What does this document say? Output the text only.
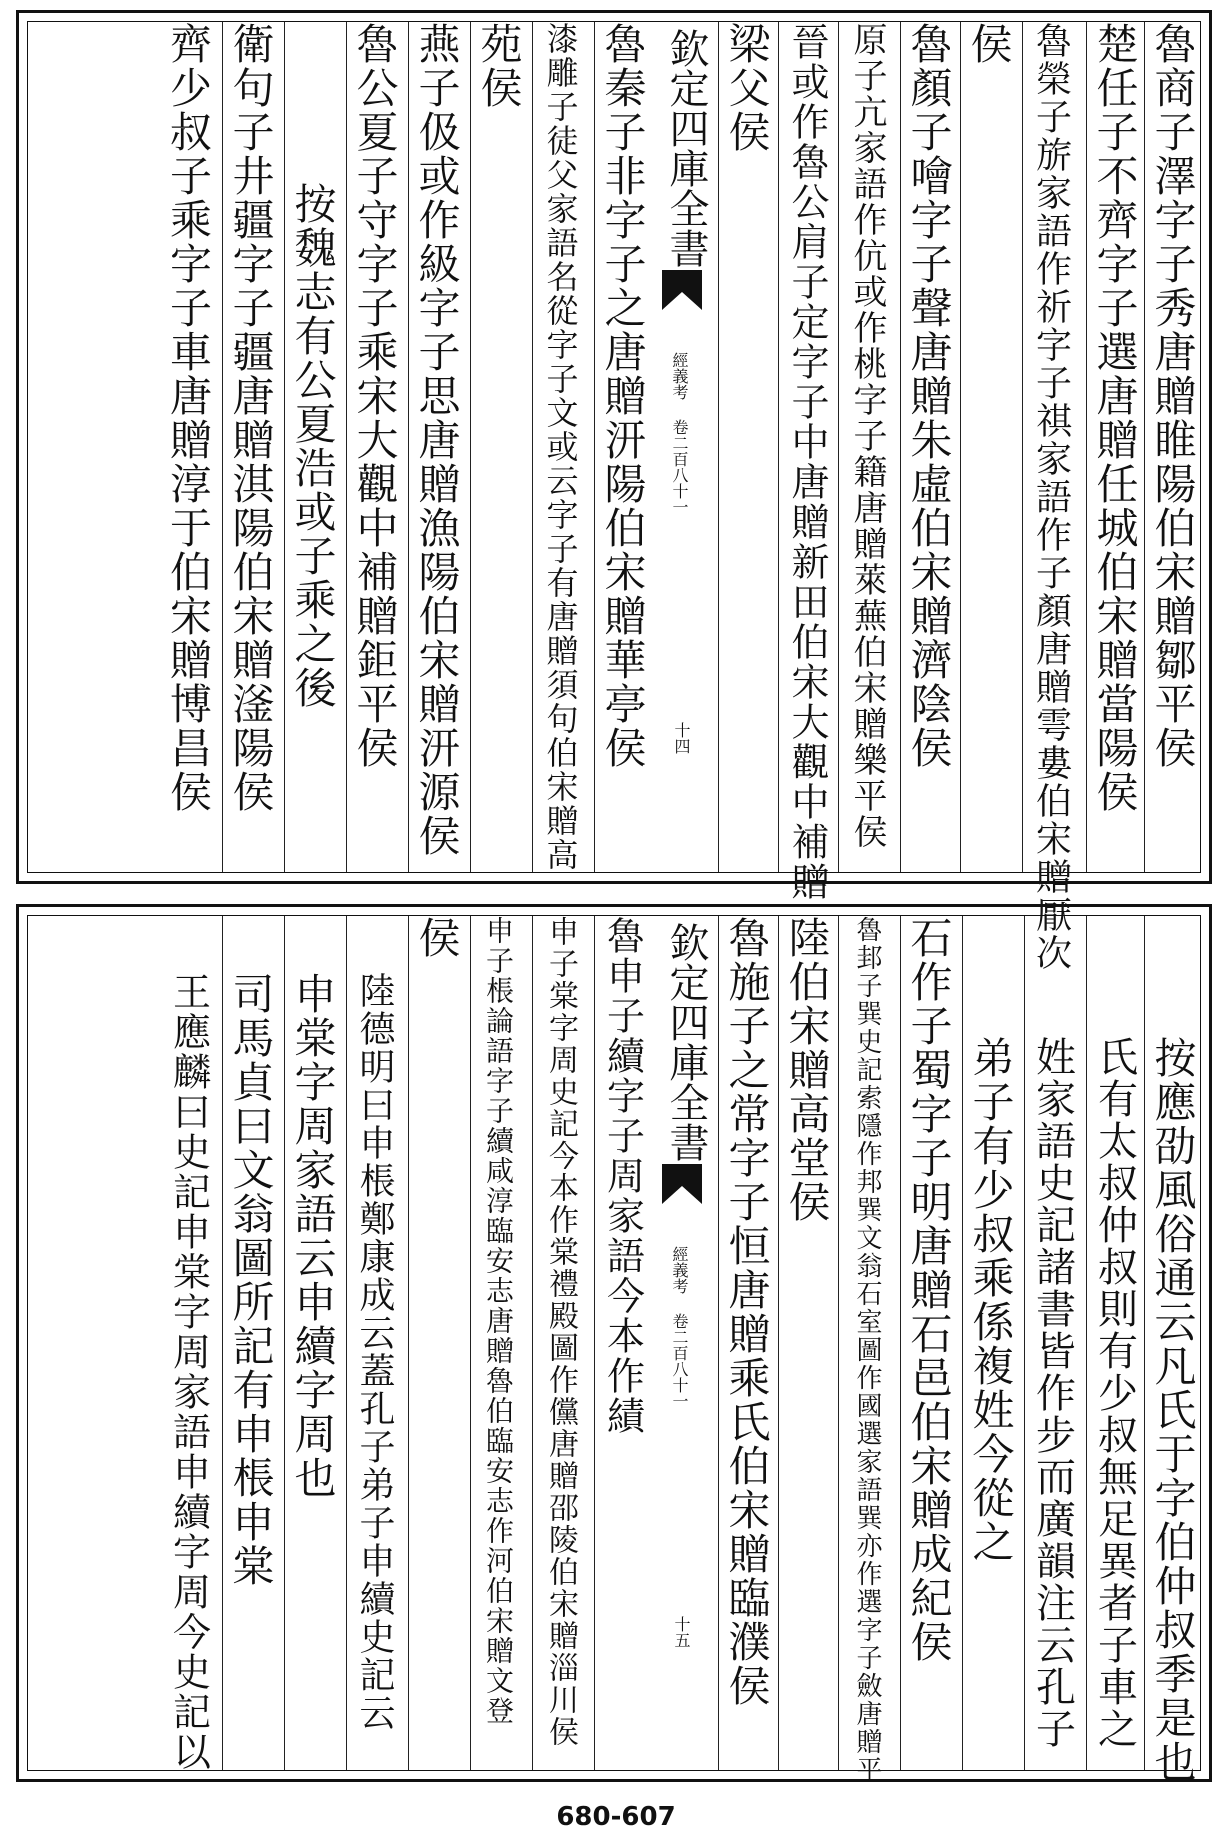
魯商子澤字子秀唐贈睢陽伯宋贈鄒平侯
楚任子不齊字子選唐贈任城伯宋贈當陽侯
魯榮子旂家語作祈字子祺家語作子顏唐贈雩婁伯宋贈厭次
侯
魯顏子噲字子聲唐贈朱虛伯宋贈濟陰侯
原子亢家語作伉或作桃字子籍唐贈萊蕪伯宋贈樂平侯
晉或作魯公肩子定字子中唐贈新田伯宋大觀中補贈
梁父侯
欽定四庫全書
經義考 卷二百八十一
十四
魯秦子非字子之唐贈汧陽伯宋贈華亭侯
漆雕子徒父家語名從字子文或云字子有唐贈須句伯宋贈高
苑侯
燕子伋或作級字子思唐贈漁陽伯宋贈汧源侯
魯公夏子守字子乘宋大觀中補贈鉅平侯
按魏志有公夏浩或子乘之後
衛句子井疆字子疆唐贈淇陽伯宋贈滏陽侯
齊少叔子乘字子車唐贈淳于伯宋贈博昌侯
按應劭風俗通云凡氏于字伯仲叔季是也
氏有太叔仲叔則有少叔無足異者子車之
姓家語史記諸書皆作步而廣韻注云孔子
弟子有少叔乘係複姓今從之
石作子蜀字子明唐贈石邑伯宋贈成紀侯
魯邽子巽史記索隱作邦巽文翁石室圖作國選家語巽亦作選字子斂唐贈平
陸伯宋贈高堂侯
魯施子之常字子恒唐贈乘氏伯宋贈臨濮侯
欽定四庫全書
經義考 卷二百八十一
十五
魯申子續字子周家語今本作績
申子棠字周史記今本作棠禮殿圖作儻唐贈邵陵伯宋贈淄川侯
申子棖論語字子續咸淳臨安志唐贈魯伯臨安志作河伯宋贈文登
侯
陸德明曰申棖鄭康成云蓋孔子弟子申續史記云
申棠字周家語云申續字周也
司馬貞曰文翁圖所記有申棖申棠
王應麟曰史記申棠字周家語申續字周今史記以
680-607
